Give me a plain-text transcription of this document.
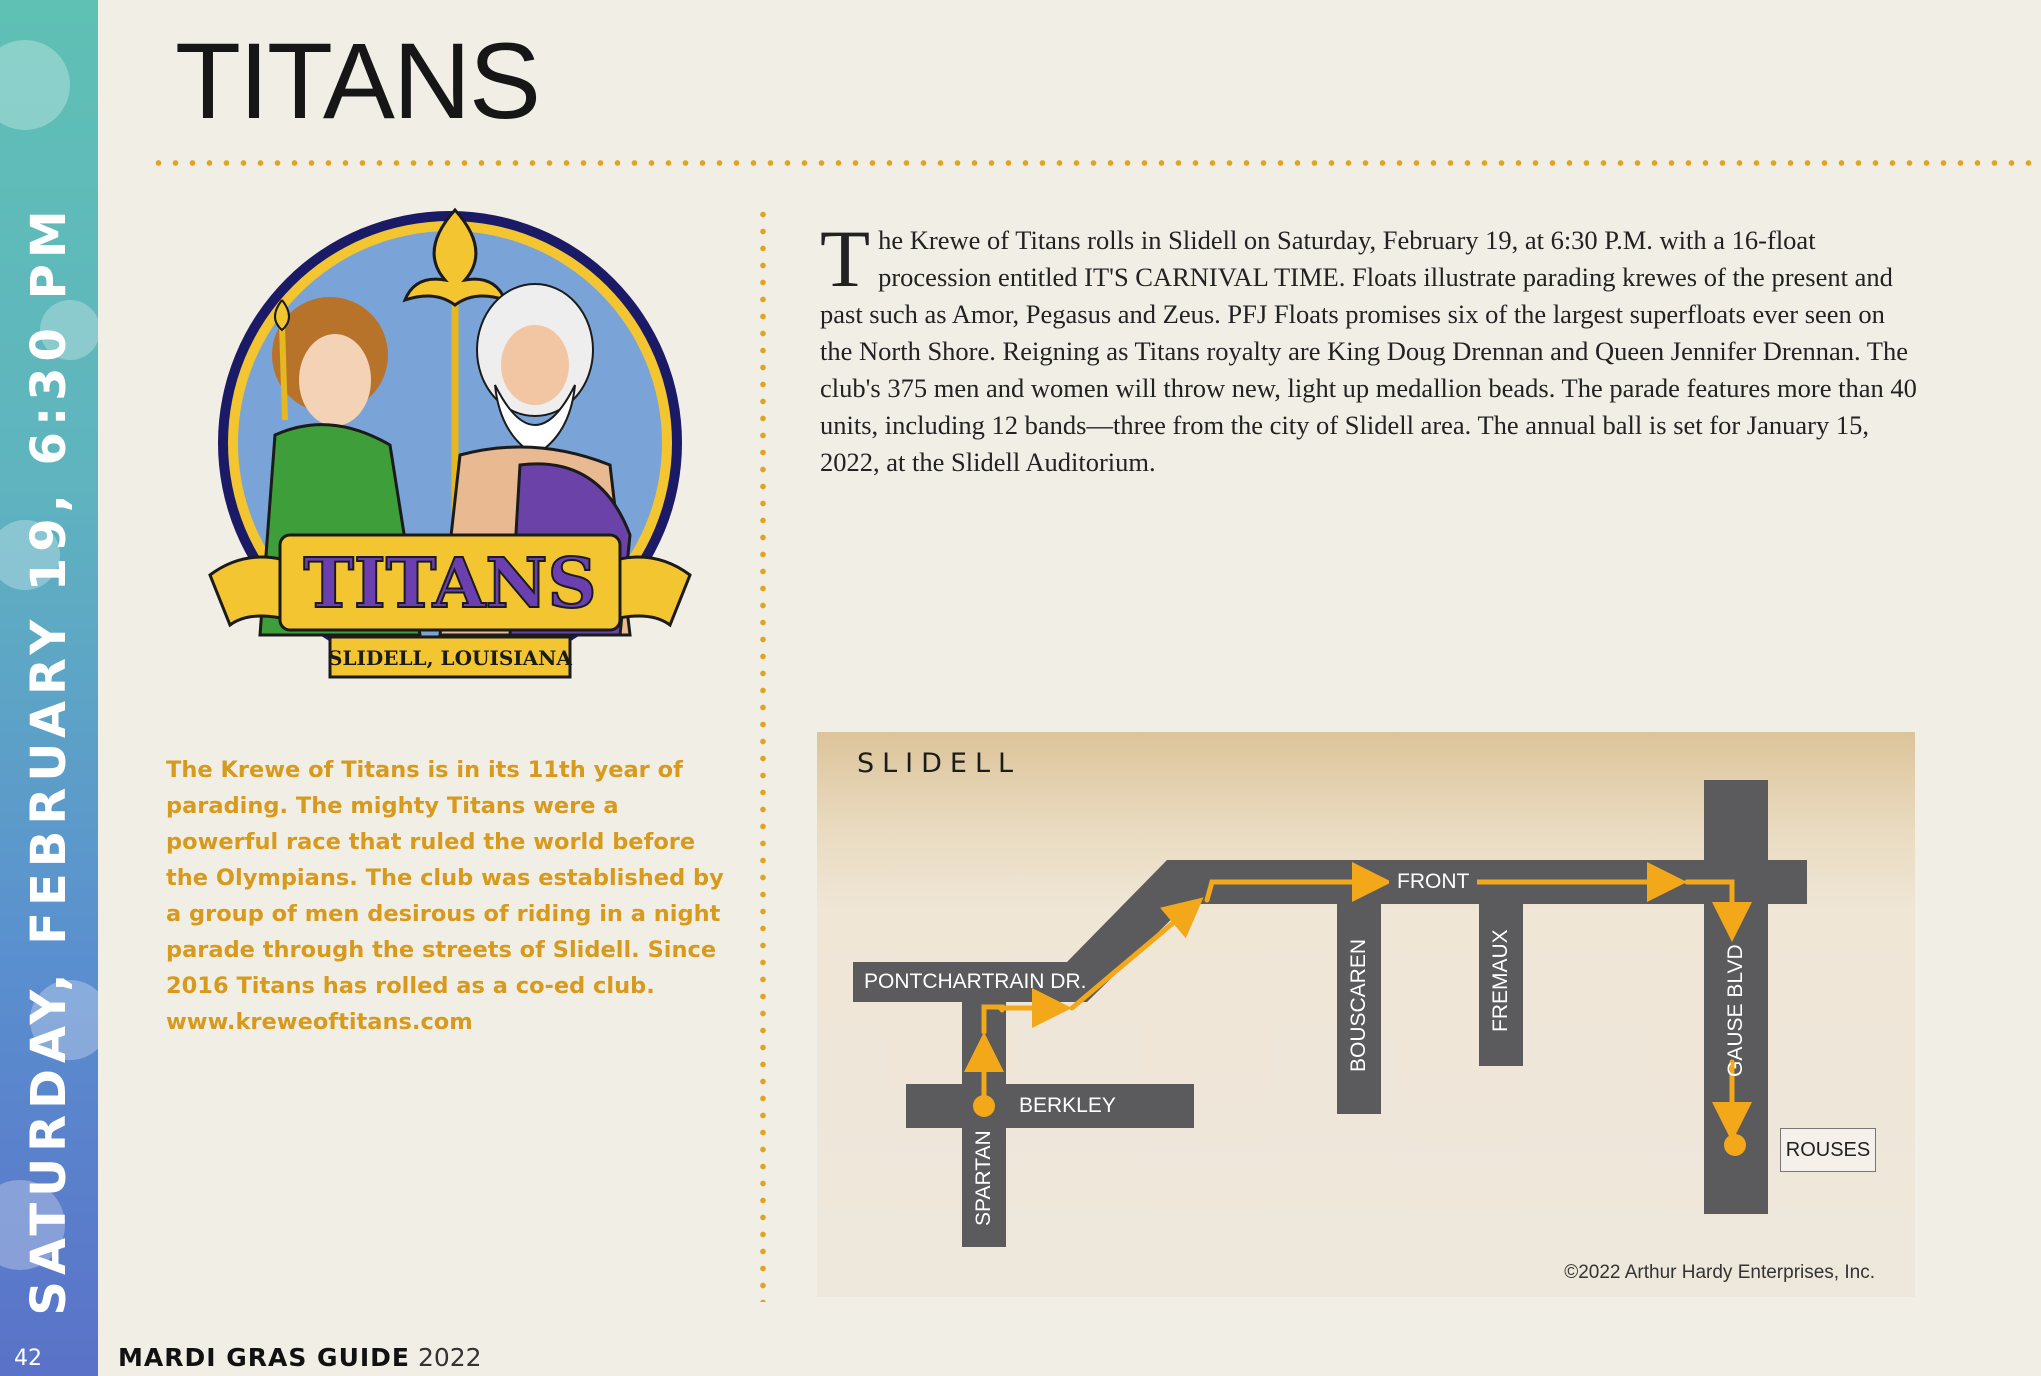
SATURDAY, FEBRUARY 19, 6:30 PM
42	MARDI GRAS GUIDE 2022
TITANS
TITANS
SLIDELL, LOUISIANA
The Krewe of Titans rolls in Slidell on Saturday, February 19, at 6:30 P.M. with a 16-float procession entitled IT'S CARNIVAL TIME. Floats illustrate parading krewes of the present and past such as Amor, Pegasus and Zeus. PFJ Floats promises six of the largest superfloats ever seen on the North Shore. Reigning as Titans royalty are King Doug Drennan and Queen Jennifer Drennan. The club's 375 men and women will throw new, light up medallion beads. The parade features more than 40 units, including 12 bands—three from the city of Slidell area. The annual ball is set for January 15, 2022, at the Slidell Auditorium.
The Krewe of Titans is in its 11th year of parading. The mighty Titans were a powerful race that ruled the world before the Olympians. The club was established by a group of men desirous of riding in a night parade through the streets of Slidell. Since 2016 Titans has rolled as a co-ed club. www.kreweoftitans.com
SLIDELL
FRONT
PONTCHARTRAIN DR.
BERKLEY
SPARTAN
BOUSCAREN	FREMAUX	GAUSE BLVD
ROUSES
©2022 Arthur Hardy Enterprises, Inc.
